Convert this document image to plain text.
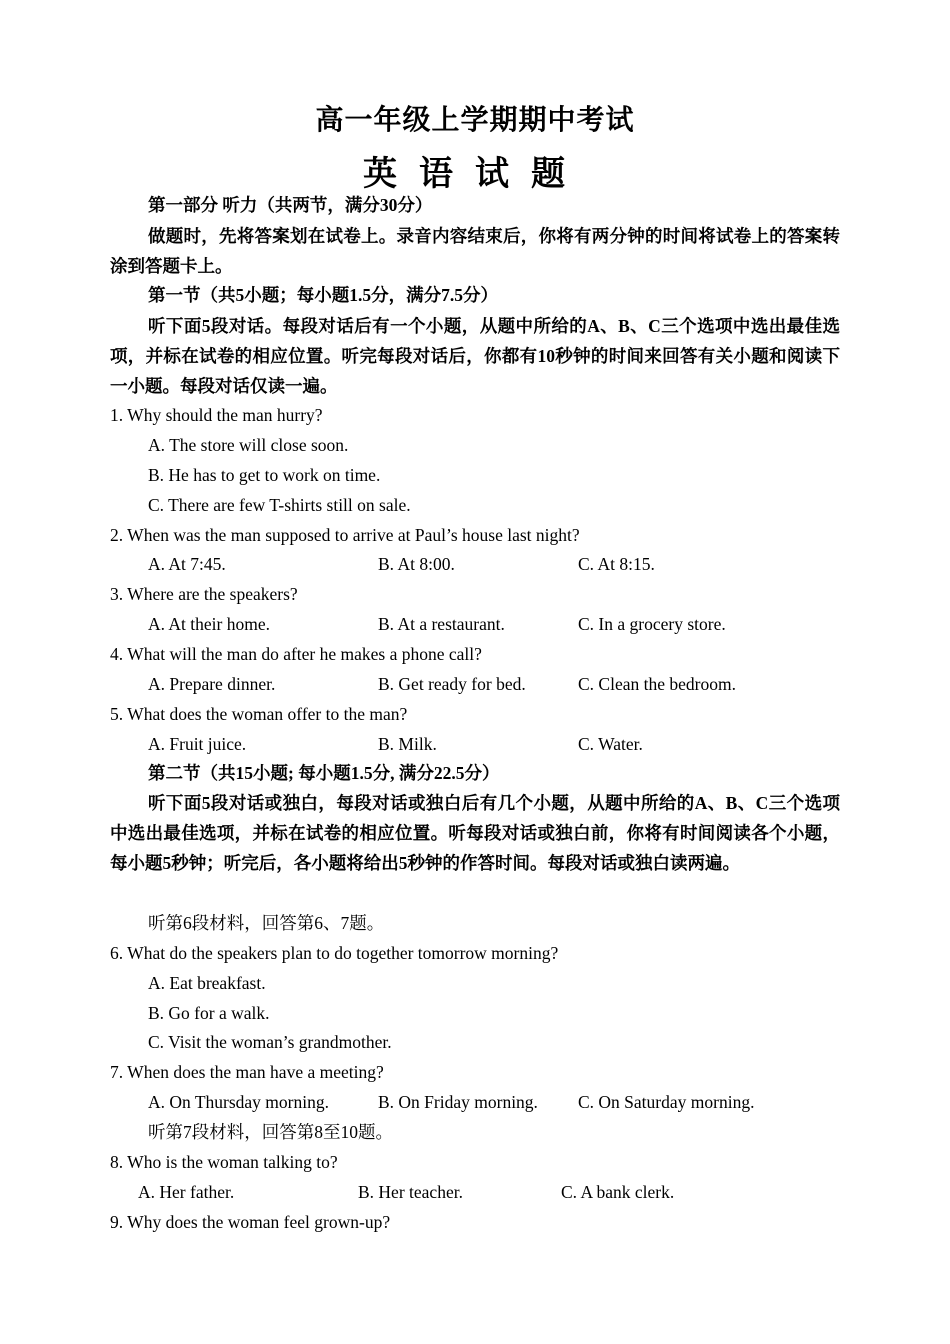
高一年级上学期期中考试
英语试题
第一部分 听力（共两节，满分30分）
做题时，先将答案划在试卷上。录音内容结束后，你将有两分钟的时间将试卷上的答案转涂到答题卡上。
第一节（共5小题；每小题1.5分，满分7.5分）
听下面5段对话。每段对话后有一个小题，从题中所给的A、B、C三个选项中选出最佳选项，并标在试卷的相应位置。听完每段对话后，你都有10秒钟的时间来回答有关小题和阅读下一小题。每段对话仅读一遍。
1. Why should the man hurry?
A. The store will close soon.
B. He has to get to work on time.
C. There are few T-shirts still on sale.
2. When was the man supposed to arrive at Paul’s house last night?
A. At 7:45.	B. At 8:00.	C. At 8:15.
3. Where are the speakers?
A. At their home.	B. At a restaurant.	C. In a grocery store.
4. What will the man do after he makes a phone call?
A. Prepare dinner.	B. Get ready for bed.	C. Clean the bedroom.
5. What does the woman offer to the man?
A. Fruit juice.	B. Milk.	C. Water.
第二节（共15小题; 每小题1.5分, 满分22.5分）
听下面5段对话或独白，每段对话或独白后有几个小题，从题中所给的A、B、C三个选项中选出最佳选项，并标在试卷的相应位置。听每段对话或独白前，你将有时间阅读各个小题，每小题5秒钟；听完后，各小题将给出5秒钟的作答时间。每段对话或独白读两遍。
听第6段材料，回答第6、7题。
6. What do the speakers plan to do together tomorrow morning?
A. Eat breakfast.
B. Go for a walk.
C. Visit the woman’s grandmother.
7. When does the man have a meeting?
A. On Thursday morning.	B. On Friday morning. C. On Saturday morning.
听第7段材料，回答第8至10题。
8. Who is the woman talking to?
A. Her father.	B. Her teacher.	C. A bank clerk.
9. Why does the woman feel grown-up?
